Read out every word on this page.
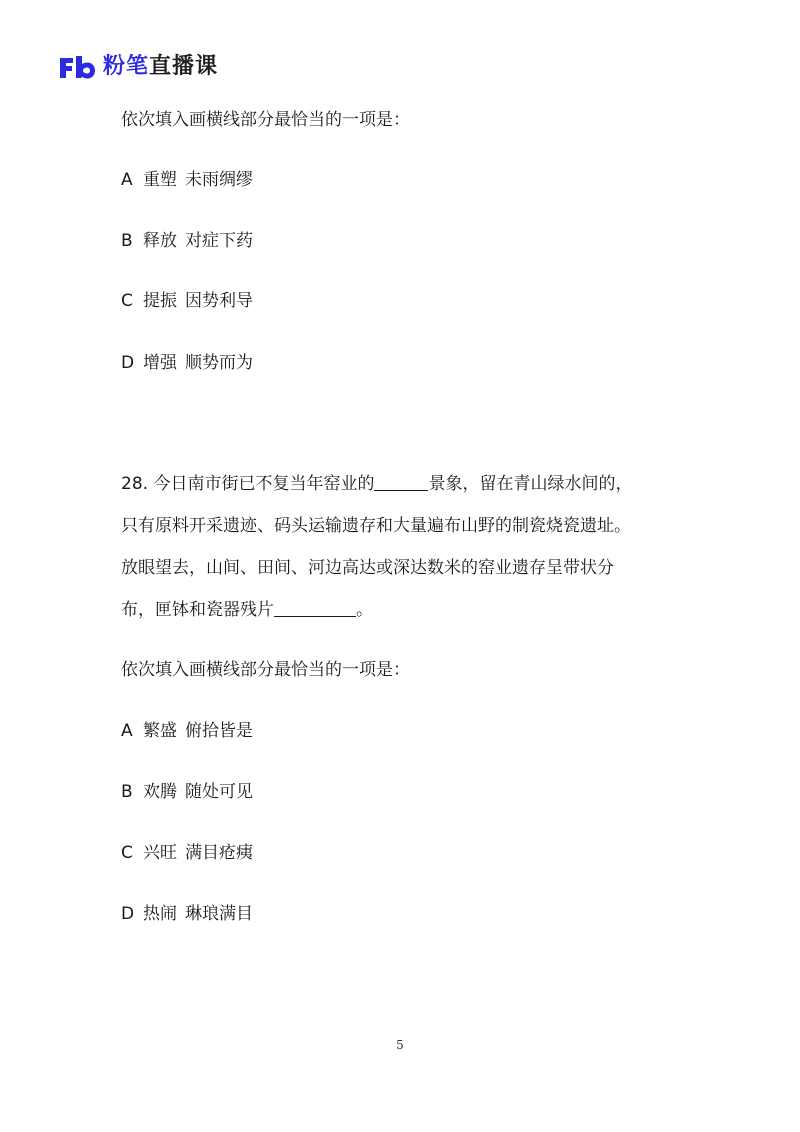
粉笔直播课
依次填入画横线部分最恰当的一项是：
A 重塑 未雨绸缪
B 释放 对症下药
C 提振 因势利导
D 增强 顺势而为
28. 今日南市街已不复当年窑业的	景象，留在青山绿水间的，
只有原料开采遗迹、码头运输遗存和大量遍布山野的制瓷烧瓷遗址。
放眼望去，山间、田间、河边高达或深达数米的窑业遗存呈带状分
布，匣钵和瓷器残片	。
依次填入画横线部分最恰当的一项是：
A 繁盛 俯拾皆是
B 欢腾 随处可见
C 兴旺 满目疮痍
D 热闹 琳琅满目
5
